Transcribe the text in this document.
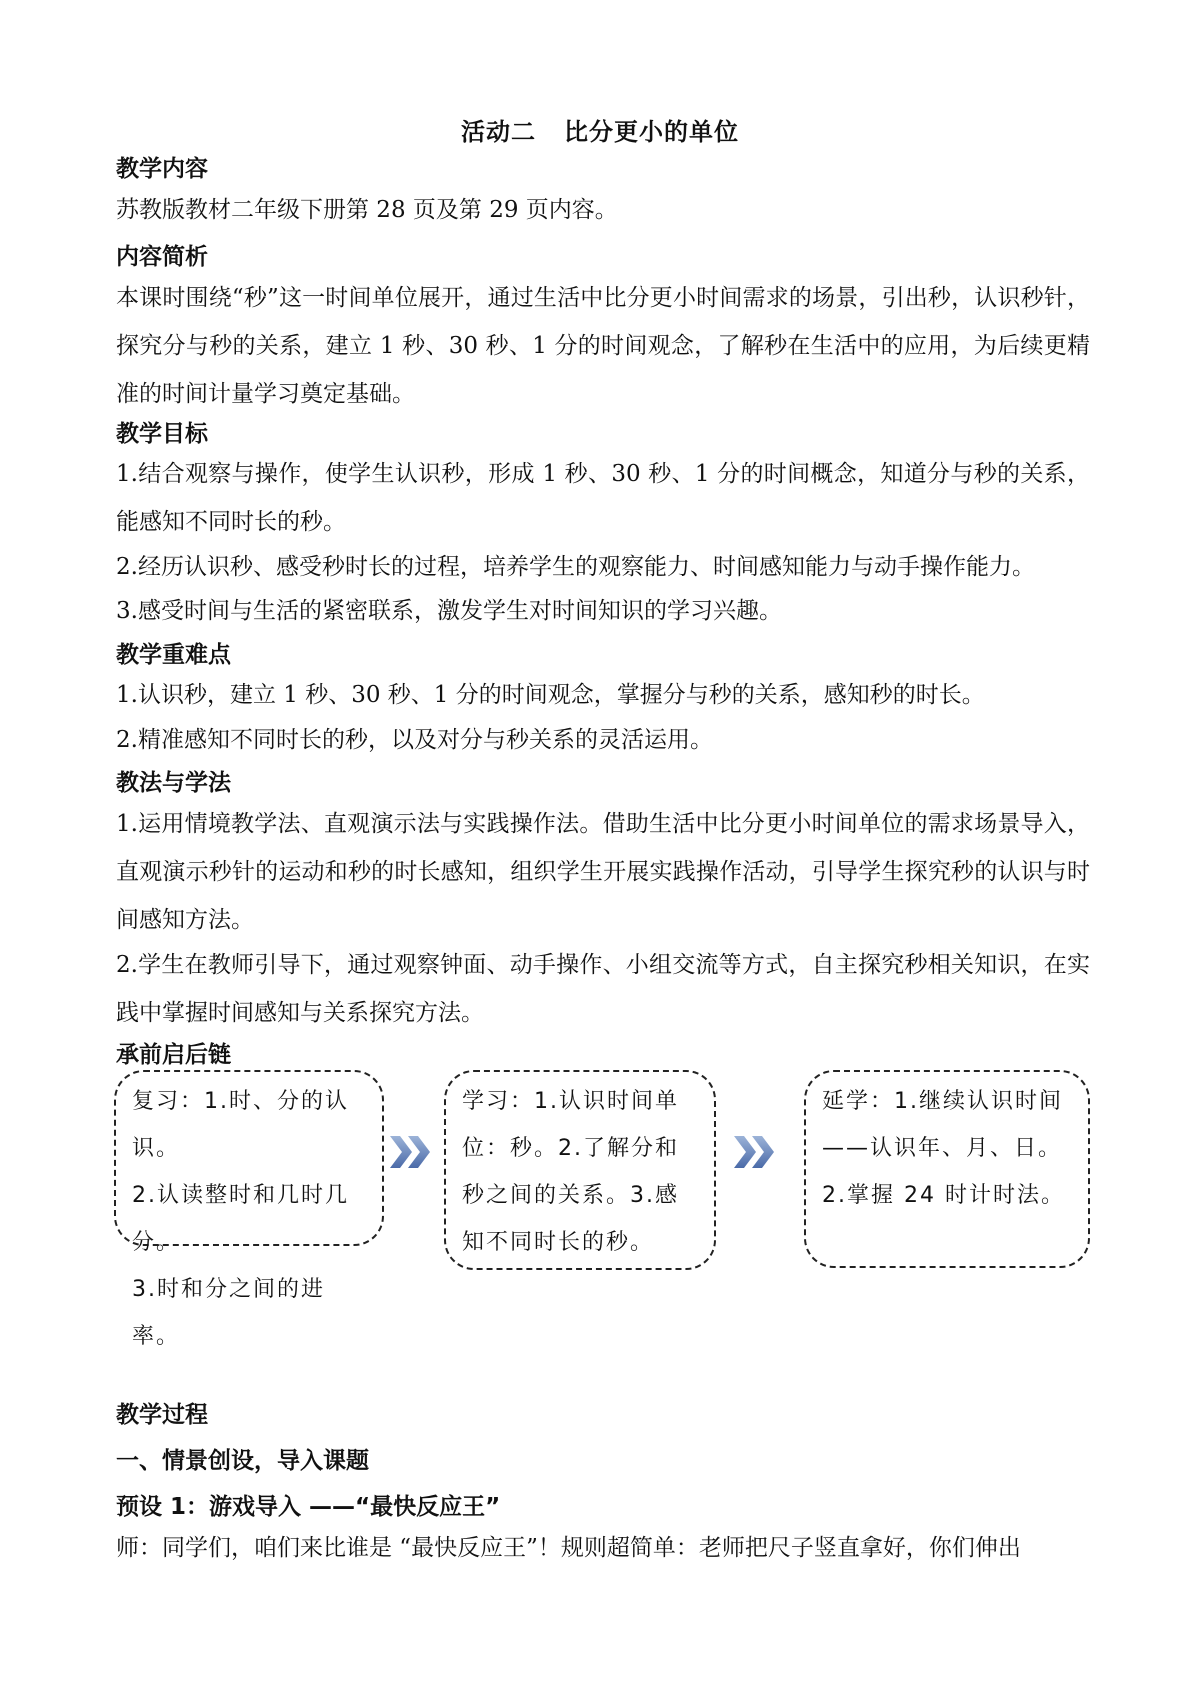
活动二 比分更小的单位
教学内容
苏教版教材二年级下册第 28 页及第 29 页内容。
内容简析
本课时围绕“秒”这一时间单位展开，通过生活中比分更小时间需求的场景，引出秒，认识秒针，探究分与秒的关系，建立 1 秒、30 秒、1 分的时间观念，了解秒在生活中的应用，为后续更精准的时间计量学习奠定基础。
教学目标
1.结合观察与操作，使学生认识秒，形成 1 秒、30 秒、1 分的时间概念，知道分与秒的关系，能感知不同时长的秒。
2.经历认识秒、感受秒时长的过程，培养学生的观察能力、时间感知能力与动手操作能力。
3.感受时间与生活的紧密联系，激发学生对时间知识的学习兴趣。
教学重难点
1.认识秒，建立 1 秒、30 秒、1 分的时间观念，掌握分与秒的关系，感知秒的时长。
2.精准感知不同时长的秒，以及对分与秒关系的灵活运用。
教法与学法
1.运用情境教学法、直观演示法与实践操作法。借助生活中比分更小时间单位的需求场景导入，直观演示秒针的运动和秒的时长感知，组织学生开展实践操作活动，引导学生探究秒的认识与时间感知方法。
2.学生在教师引导下，通过观察钟面、动手操作、小组交流等方式，自主探究秒相关知识，在实践中掌握时间感知与关系探究方法。
承前启后链
复习：1.时、分的认识。
2.认读整时和几时几分。
3.时和分之间的进率。
学习：1.认识时间单位：秒。2.了解分和秒之间的关系。3.感知不同时长的秒。
延学：1.继续认识时间——认识年、月、日。
2.掌握 24 时计时法。
教学过程
一、情景创设，导入课题
预设 1：游戏导入 ——“最快反应王”
师：同学们，咱们来比谁是 “最快反应王”！规则超简单：老师把尺子竖直拿好，你们伸出
